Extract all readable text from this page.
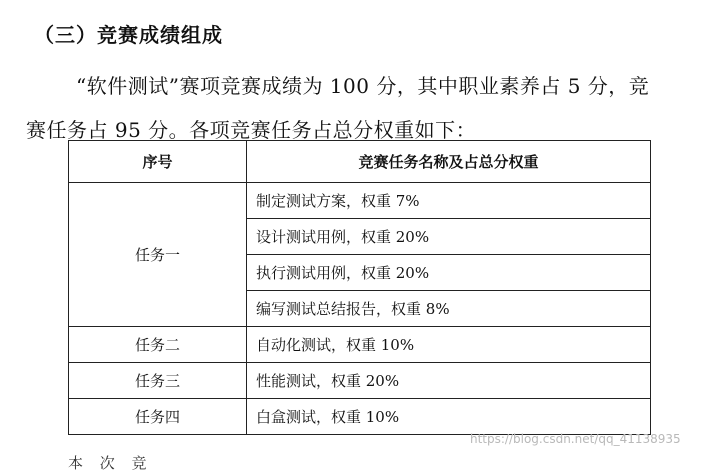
（三）竞赛成绩组成
“软件测试”赛项竞赛成绩为 100 分，其中职业素养占 5 分，竞
赛任务占 95 分。各项竞赛任务占总分权重如下：
序号	竞赛任务名称及占总分权重
任务一	制定测试方案，权重 7%
	设计测试用例，权重 20%
	执行测试用例，权重 20%
	编写测试总结报告，权重 8%
任务二	自动化测试，权重 10%
任务三	性能测试，权重 20%
任务四	白盒测试，权重 10%
本 次 竞
https://blog.csdn.net/qq_41138935
